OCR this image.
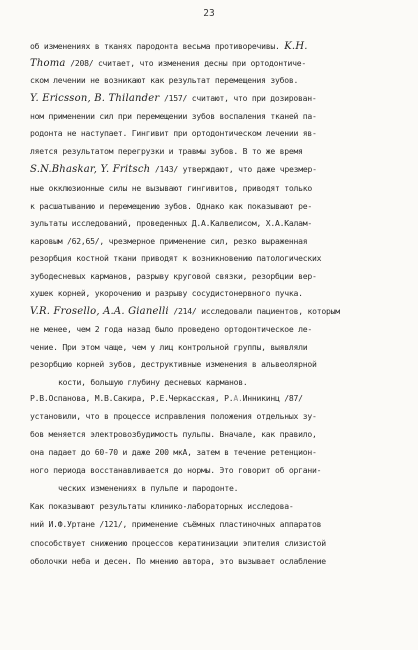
23
об изменениях в тканях пародонта весьма противоречивы. K.H.
Thoma /208/ считает, что изменения десны при ортодонтиче-
ском лечении не возникают как результат перемещения зубов.
Y. Ericsson, B. Thilander /157/ считают, что при дозирован-
ном применении сил при перемещении зубов воспаления тканей па-
родонта не наступает. Гингивит при ортодонтическом лечении яв-
ляется результатом перегрузки и травмы зубов. В то же время
S.N.Bhaskar, Y. Fritsch /143/ утверждают, что даже чрезмер-
ные окклюзионные силы не вызывают гингивитов, приводят только
к расшатыванию и перемещению зубов. Однако как показывают ре-
зультаты исследований, проведенных Д.А.Калвелисом, Х.А.Калам-
каровым /62,65/, чрезмерное применение сил, резко выраженная
резорбция костной ткани приводят к возникновению патологических
зубодесневых карманов, разрыву круговой связки, резорбции вер-
хушек корней, укорочению и разрыву сосудистонервного пучка.
V.R. Frosello, A.A. Gianelli /214/ исследовали пациентов, которым
не менее, чем 2 года назад было проведено ортодонтическое ле-
чение. При этом чаще, чем у лиц контрольной группы, выявляли
резорбцию корней зубов, деструктивные изменения в альвеолярной
кости, большую глубину десневых карманов.
Р.В.Оспанова, М.В.Сакира, Р.Е.Черкасская, Р.А.Инникинц /87/
установили, что в процессе исправления положения отдельных зу-
бов меняется электровозбудимость пульпы. Вначале, как правило,
она падает до 60-70 и даже 200 мкА, затем в течение ретенцион-
ного периода восстанавливается до нормы. Это говорит об органи-
ческих изменениях в пульпе и пародонте.
Как показывают результаты клинико-лабораторных исследова-
ний И.Ф.Уртане /121/, применение съёмных пластиночных аппаратов
способствует снижению процессов кератинизации эпителия слизистой
оболочки неба и десен. По мнению автора, это вызывает ослабление
